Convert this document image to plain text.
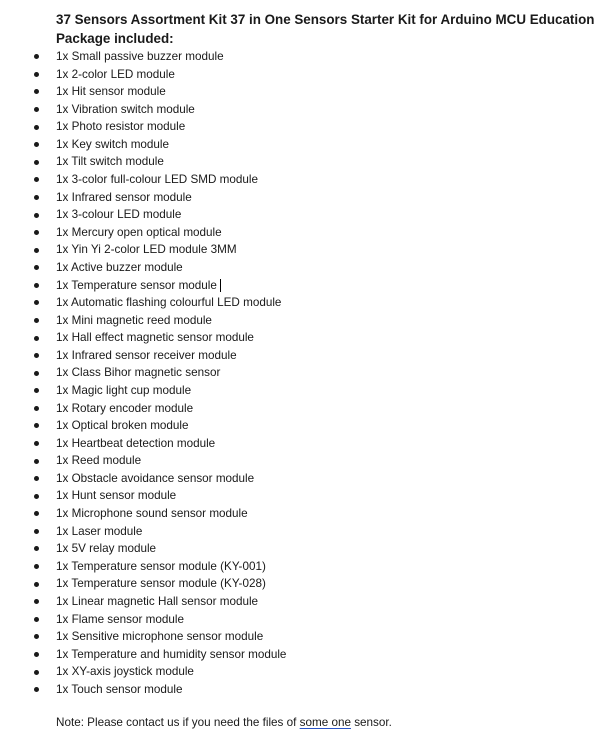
37 Sensors Assortment Kit 37 in One Sensors Starter Kit for Arduino MCU Education
Package included:
1x Small passive buzzer module
1x 2-color LED module
1x Hit sensor module
1x Vibration switch module
1x Photo resistor module
1x Key switch module
1x Tilt switch module
1x 3-color full-colour LED SMD module
1x Infrared sensor module
1x 3-colour LED module
1x Mercury open optical module
1x Yin Yi 2-color LED module 3MM
1x Active buzzer module
1x Temperature sensor module
1x Automatic flashing colourful LED module
1x Mini magnetic reed module
1x Hall effect magnetic sensor module
1x Infrared sensor receiver module
1x Class Bihor magnetic sensor
1x Magic light cup module
1x Rotary encoder module
1x Optical broken module
1x Heartbeat detection module
1x Reed module
1x Obstacle avoidance sensor module
1x Hunt sensor module
1x Microphone sound sensor module
1x Laser module
1x 5V relay module
1x Temperature sensor module (KY-001)
1x Temperature sensor module (KY-028)
1x Linear magnetic Hall sensor module
1x Flame sensor module
1x Sensitive microphone sensor module
1x Temperature and humidity sensor module
1x XY-axis joystick module
1x Touch sensor module
Note: Please contact us if you need the files of some one sensor.
